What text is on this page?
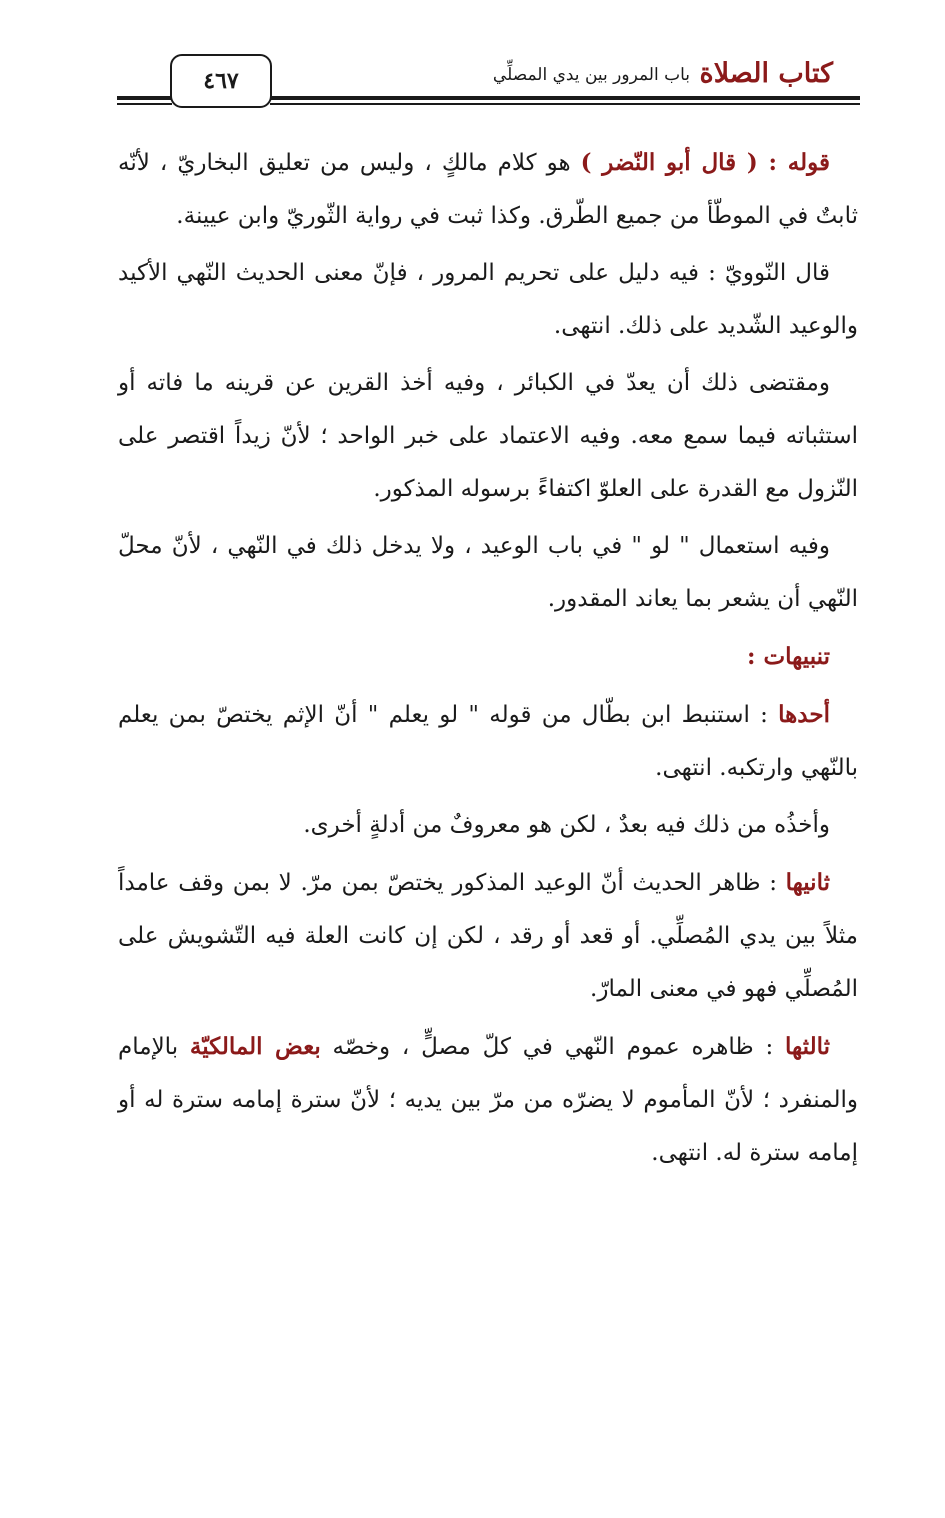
كتاب الصلاة
باب المرور بين يدي المصلِّي
٤٦٧

قوله : ( قال أبو النّضر ) هو كلام مالكٍ ، وليس من تعليق البخاريّ ، لأنّه ثابتٌ في الموطّأ من جميع الطّرق. وكذا ثبت في رواية الثّوريّ وابن عيينة.

قال النّوويّ : فيه دليل على تحريم المرور ، فإنّ معنى الحديث النّهي الأكيد والوعيد الشّديد على ذلك. انتهى.

ومقتضى ذلك أن يعدّ في الكبائر ، وفيه أخذ القرين عن قرينه ما فاته أو استثباته فيما سمع معه. وفيه الاعتماد على خبر الواحد ؛ لأنّ زيداً اقتصر على النّزول مع القدرة على العلوّ اكتفاءً برسوله المذكور.

وفيه استعمال " لو " في باب الوعيد ، ولا يدخل ذلك في النّهي ، لأنّ محلّ النّهي أن يشعر بما يعاند المقدور.

تنبيهات :

أحدها : استنبط ابن بطّال من قوله " لو يعلم " أنّ الإثم يختصّ بمن يعلم بالنّهي وارتكبه. انتهى.

وأخذُه من ذلك فيه بعدٌ ، لكن هو معروفٌ من أدلةٍ أخرى.

ثانيها : ظاهر الحديث أنّ الوعيد المذكور يختصّ بمن مرّ. لا بمن وقف عامداً مثلاً بين يدي المُصلِّي. أو قعد أو رقد ، لكن إن كانت العلة فيه التّشويش على المُصلِّي فهو في معنى المارّ.

ثالثها : ظاهره عموم النّهي في كلّ مصلٍّ ، وخصّه بعض المالكيّة بالإمام والمنفرد ؛ لأنّ المأموم لا يضرّه من مرّ بين يديه ؛ لأنّ سترة إمامه سترة له أو إمامه سترة له. انتهى.
